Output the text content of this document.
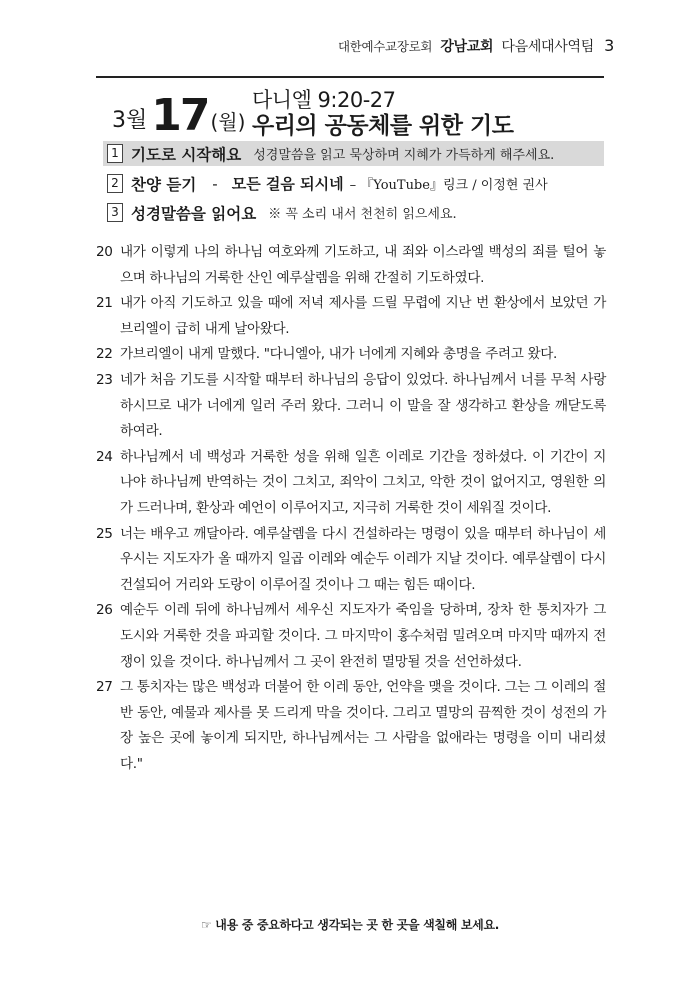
대한예수교장로회 강남교회 다음세대사역팀 3
3월 17 (월)
다니엘 9:20-27
우리의 공동체를 위한 기도
1 기도로 시작해요 성경말씀을 읽고 묵상하며 지혜가 가득하게 해주세요.
2 찬양 듣기 - 모든 걸음 되시네 – 『YouTube』링크 / 이정현 권사
3 성경말씀을 읽어요 ※ 꼭 소리 내서 천천히 읽으세요.
20 내가 이렇게 나의 하나님 여호와께 기도하고, 내 죄와 이스라엘 백성의 죄를 털어 놓으며 하나님의 거룩한 산인 예루살렘을 위해 간절히 기도하였다.
21 내가 아직 기도하고 있을 때에 저녁 제사를 드릴 무렵에 지난 번 환상에서 보았던 가브리엘이 급히 내게 날아왔다.
22 가브리엘이 내게 말했다. "다니엘아, 내가 너에게 지혜와 총명을 주려고 왔다.
23 네가 처음 기도를 시작할 때부터 하나님의 응답이 있었다. 하나님께서 너를 무척 사랑하시므로 내가 너에게 일러 주러 왔다. 그러니 이 말을 잘 생각하고 환상을 깨닫도록 하여라.
24 하나님께서 네 백성과 거룩한 성을 위해 일흔 이레로 기간을 정하셨다. 이 기간이 지나야 하나님께 반역하는 것이 그치고, 죄악이 그치고, 악한 것이 없어지고, 영원한 의가 드러나며, 환상과 예언이 이루어지고, 지극히 거룩한 것이 세워질 것이다.
25 너는 배우고 깨달아라. 예루살렘을 다시 건설하라는 명령이 있을 때부터 하나님이 세우시는 지도자가 올 때까지 일곱 이레와 예순두 이레가 지날 것이다. 예루살렘이 다시 건설되어 거리와 도랑이 이루어질 것이나 그 때는 힘든 때이다.
26 예순두 이레 뒤에 하나님께서 세우신 지도자가 죽임을 당하며, 장차 한 통치자가 그 도시와 거룩한 것을 파괴할 것이다. 그 마지막이 홍수처럼 밀려오며 마지막 때까지 전쟁이 있을 것이다. 하나님께서 그 곳이 완전히 멸망될 것을 선언하셨다.
27 그 통치자는 많은 백성과 더불어 한 이레 동안, 언약을 맺을 것이다. 그는 그 이레의 절반 동안, 예물과 제사를 못 드리게 막을 것이다. 그리고 멸망의 끔찍한 것이 성전의 가장 높은 곳에 놓이게 되지만, 하나님께서는 그 사람을 없애라는 명령을 이미 내리셨다."
☞ 내용 중 중요하다고 생각되는 곳 한 곳을 색칠해 보세요.
